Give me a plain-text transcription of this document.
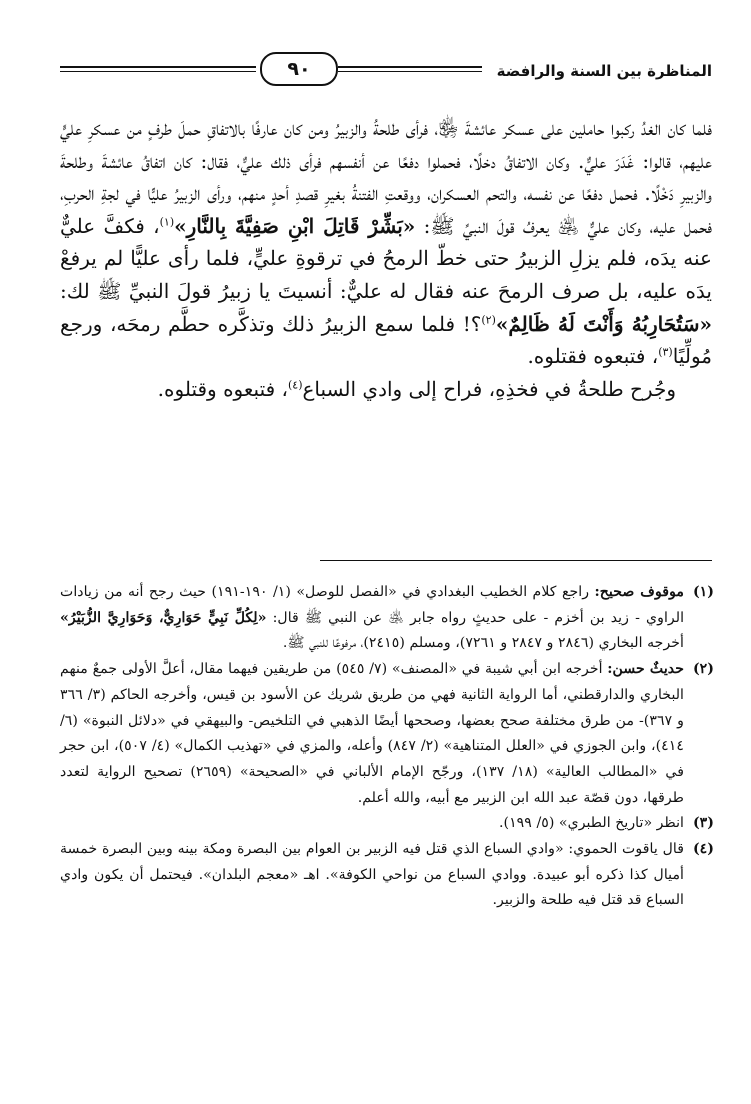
٩٠	المناظرة بين السنة والرافضة

فلما كان الغدُ ركبوا حاملين على عسكر عائشةَ ﵂، فرأى طلحةُ والزبيرُ ومن كان عارفًا بالاتفاقِ حملَ طرفٍ من عسكرِ عليٍّ عليهم، قالوا: غَدَرَ عليٌّ. وكان الاتفاقُ دخلًا، فحملوا دفعًا عن أنفسهم فرأى ذلك عليٌّ، فقال: كان اتفاقُ عائشةَ وطلحةَ والزبيرِ دَخْلًا. فحمل دفعًا عن نفسه، والتحم العسكران، ووقعتِ الفتنةُ بغيرِ قصدِ أحدٍ منهم، ورأى الزبيرُ عليًّا في لجةِ الحربِ، فحمل عليه، وكان عليٌّ ﵁ يعرفُ قولَ النبيِّ ﷺ: «بَشِّرْ قَاتِلَ ابْنِ صَفِيَّةَ بِالنَّارِ»$^{(١)}$، فكفَّ عليٌّ عنه يدَه، فلم يزلِ الزبيرُ حتى خطّ الرمحُ في ترقوةِ عليٍّ، فلما رأى عليًّا لم يرفعْ يدَه عليه، بل صرف الرمحَ عنه فقال له عليٌّ: أنسيتَ يا زبيرُ قولَ النبيِّ ﷺ لك: «سَتُحَارِبُهُ وَأَنْتَ لَهُ ظَالِمٌ»$^{(٢)}$؟! فلما سمع الزبيرُ ذلك وتذكَّره حطَّم رمحَه، ورجع مُولِّيًا$^{(٣)}$، فتبعوه فقتلوه.

وجُرح طلحةُ في فخذِهِ، فراح إلى وادي السباع$^{(٤)}$، فتبعوه وقتلوه.

(١)
موقوف صحيح: راجع كلام الخطيب البغدادي في «الفصل للوصل» (١/ ١٩٠-١٩١) حيث رجح أنه من زيادات الراوي - زيد بن أخزم - على حديثٍ رواه جابر ﵁ عن النبي ﷺ قال: «لِكُلِّ نَبِيٍّ حَوَارِيٌّ، وَحَوَارِيَّ الزُّبَيْرُ» أخرجه البخاري (٢٨٤٦ و ٢٨٤٧ و ٧٢٦١)، ومسلم (٢٤١٥)، مرفوعًا للنبي ﷺ.

(٢)
حديثٌ حسن: أخرجه ابن أبي شيبة في «المصنف» (٧/ ٥٤٥) من طريقين فيهما مقال، أعلَّ الأولى جمعٌ منهم البخاري والدارقطني، أما الرواية الثانية فهي من طريق شريك عن الأسود بن قيس، وأخرجه الحاكم (٣/ ٣٦٦ و ٣٦٧)- من طرق مختلفة صحح بعضها، وصححها أيضًا الذهبي في التلخيص- والبيهقي في «دلائل النبوة» (٦/ ٤١٤)، وابن الجوزي في «العلل المتناهية» (٢/ ٨٤٧) وأعله، والمزي في «تهذيب الكمال» (٤/ ٥٠٧)، ابن حجر في «المطالب العالية» (١٨/ ١٣٧)، ورجّح الإمام الألباني في «الصحيحة» (٢٦٥٩) تصحيح الرواية لتعدد طرقها، دون قصّة عبد الله ابن الزبير مع أبيه، والله أعلم.

(٣)
انظر «تاريخ الطبري» (٥/ ١٩٩).

(٤)
قال ياقوت الحموي: «وادي السباع الذي قتل فيه الزبير بن العوام بين البصرة ومكة بينه وبين البصرة خمسة أميال كذا ذكره أبو عبيدة. ووادي السباع من نواحي الكوفة». اهـ «معجم البلدان». فيحتمل أن يكون وادي السباع قد قتل فيه طلحة والزبير.
